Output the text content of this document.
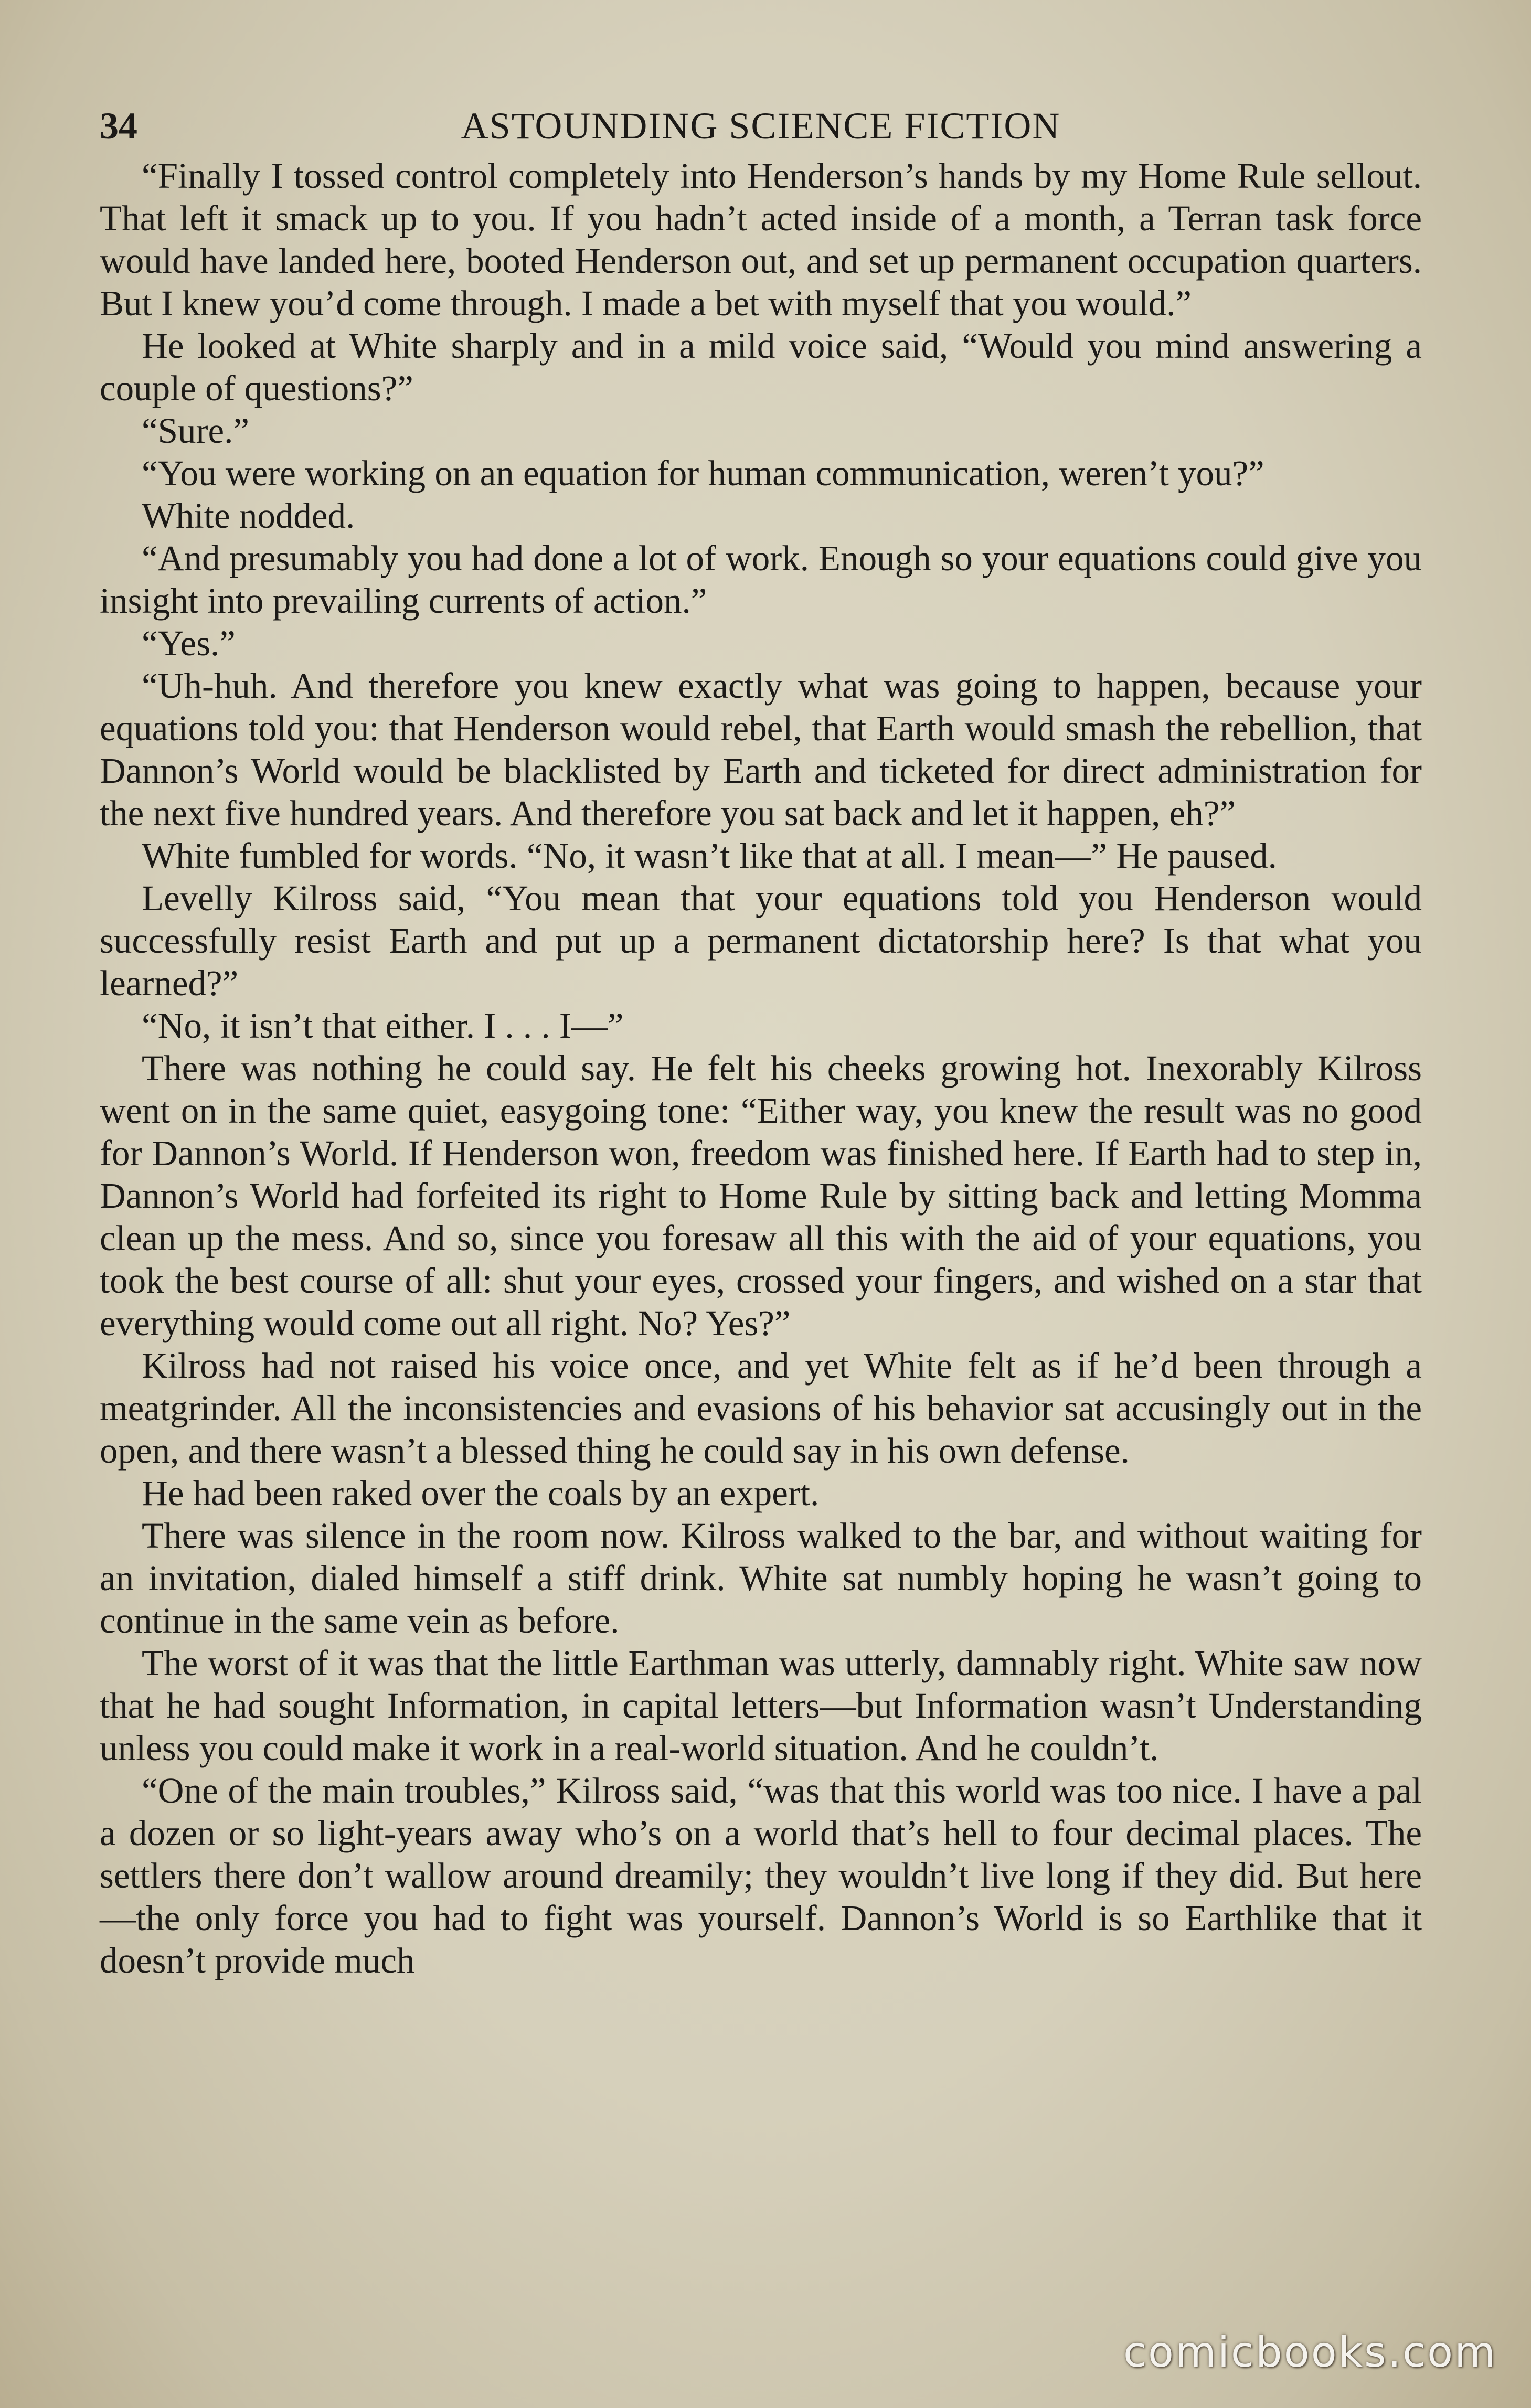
34	ASTOUNDING SCIENCE FICTION

“Finally I tossed control completely into Henderson’s hands by my Home Rule sellout. That left it smack up to you. If you hadn’t acted inside of a month, a Terran task force would have landed here, booted Henderson out, and set up permanent occupation quarters. But I knew you’d come through. I made a bet with myself that you would.”

He looked at White sharply and in a mild voice said, “Would you mind answering a couple of questions?”

“Sure.”

“You were working on an equation for human communication, weren’t you?”

White nodded.

“And presumably you had done a lot of work. Enough so your equations could give you insight into prevailing currents of action.”

“Yes.”

“Uh-huh. And therefore you knew exactly what was going to happen, because your equations told you: that Henderson would rebel, that Earth would smash the rebellion, that Dannon’s World would be blacklisted by Earth and ticketed for direct administration for the next five hundred years. And therefore you sat back and let it happen, eh?”

White fumbled for words. “No, it wasn’t like that at all. I mean—” He paused.

Levelly Kilross said, “You mean that your equations told you Henderson would successfully resist Earth and put up a permanent dictatorship here? Is that what you learned?”

“No, it isn’t that either. I . . . I—”

There was nothing he could say. He felt his cheeks growing hot. Inexorably Kilross went on in the same quiet, easygoing tone: “Either way, you knew the result was no good for Dannon’s World. If Henderson won, freedom was finished here. If Earth had to step in, Dannon’s World had forfeited its right to Home Rule by sitting back and letting Momma clean up the mess. And so, since you foresaw all this with the aid of your equations, you took the best course of all: shut your eyes, crossed your fingers, and wished on a star that everything would come out all right. No? Yes?”

Kilross had not raised his voice once, and yet White felt as if he’d been through a meatgrinder. All the inconsistencies and evasions of his behavior sat accusingly out in the open, and there wasn’t a blessed thing he could say in his own defense.

He had been raked over the coals by an expert.

There was silence in the room now. Kilross walked to the bar, and without waiting for an invitation, dialed himself a stiff drink. White sat numbly hoping he wasn’t going to continue in the same vein as before.

The worst of it was that the little Earthman was utterly, damnably right. White saw now that he had sought Information, in capital letters—but Information wasn’t Understanding unless you could make it work in a real-world situation. And he couldn’t.

“One of the main troubles,” Kilross said, “was that this world was too nice. I have a pal a dozen or so light-years away who’s on a world that’s hell to four decimal places. The settlers there don’t wallow around dreamily; they wouldn’t live long if they did. But here—the only force you had to fight was yourself. Dannon’s World is so Earthlike that it doesn’t provide much

comicbooks.com
